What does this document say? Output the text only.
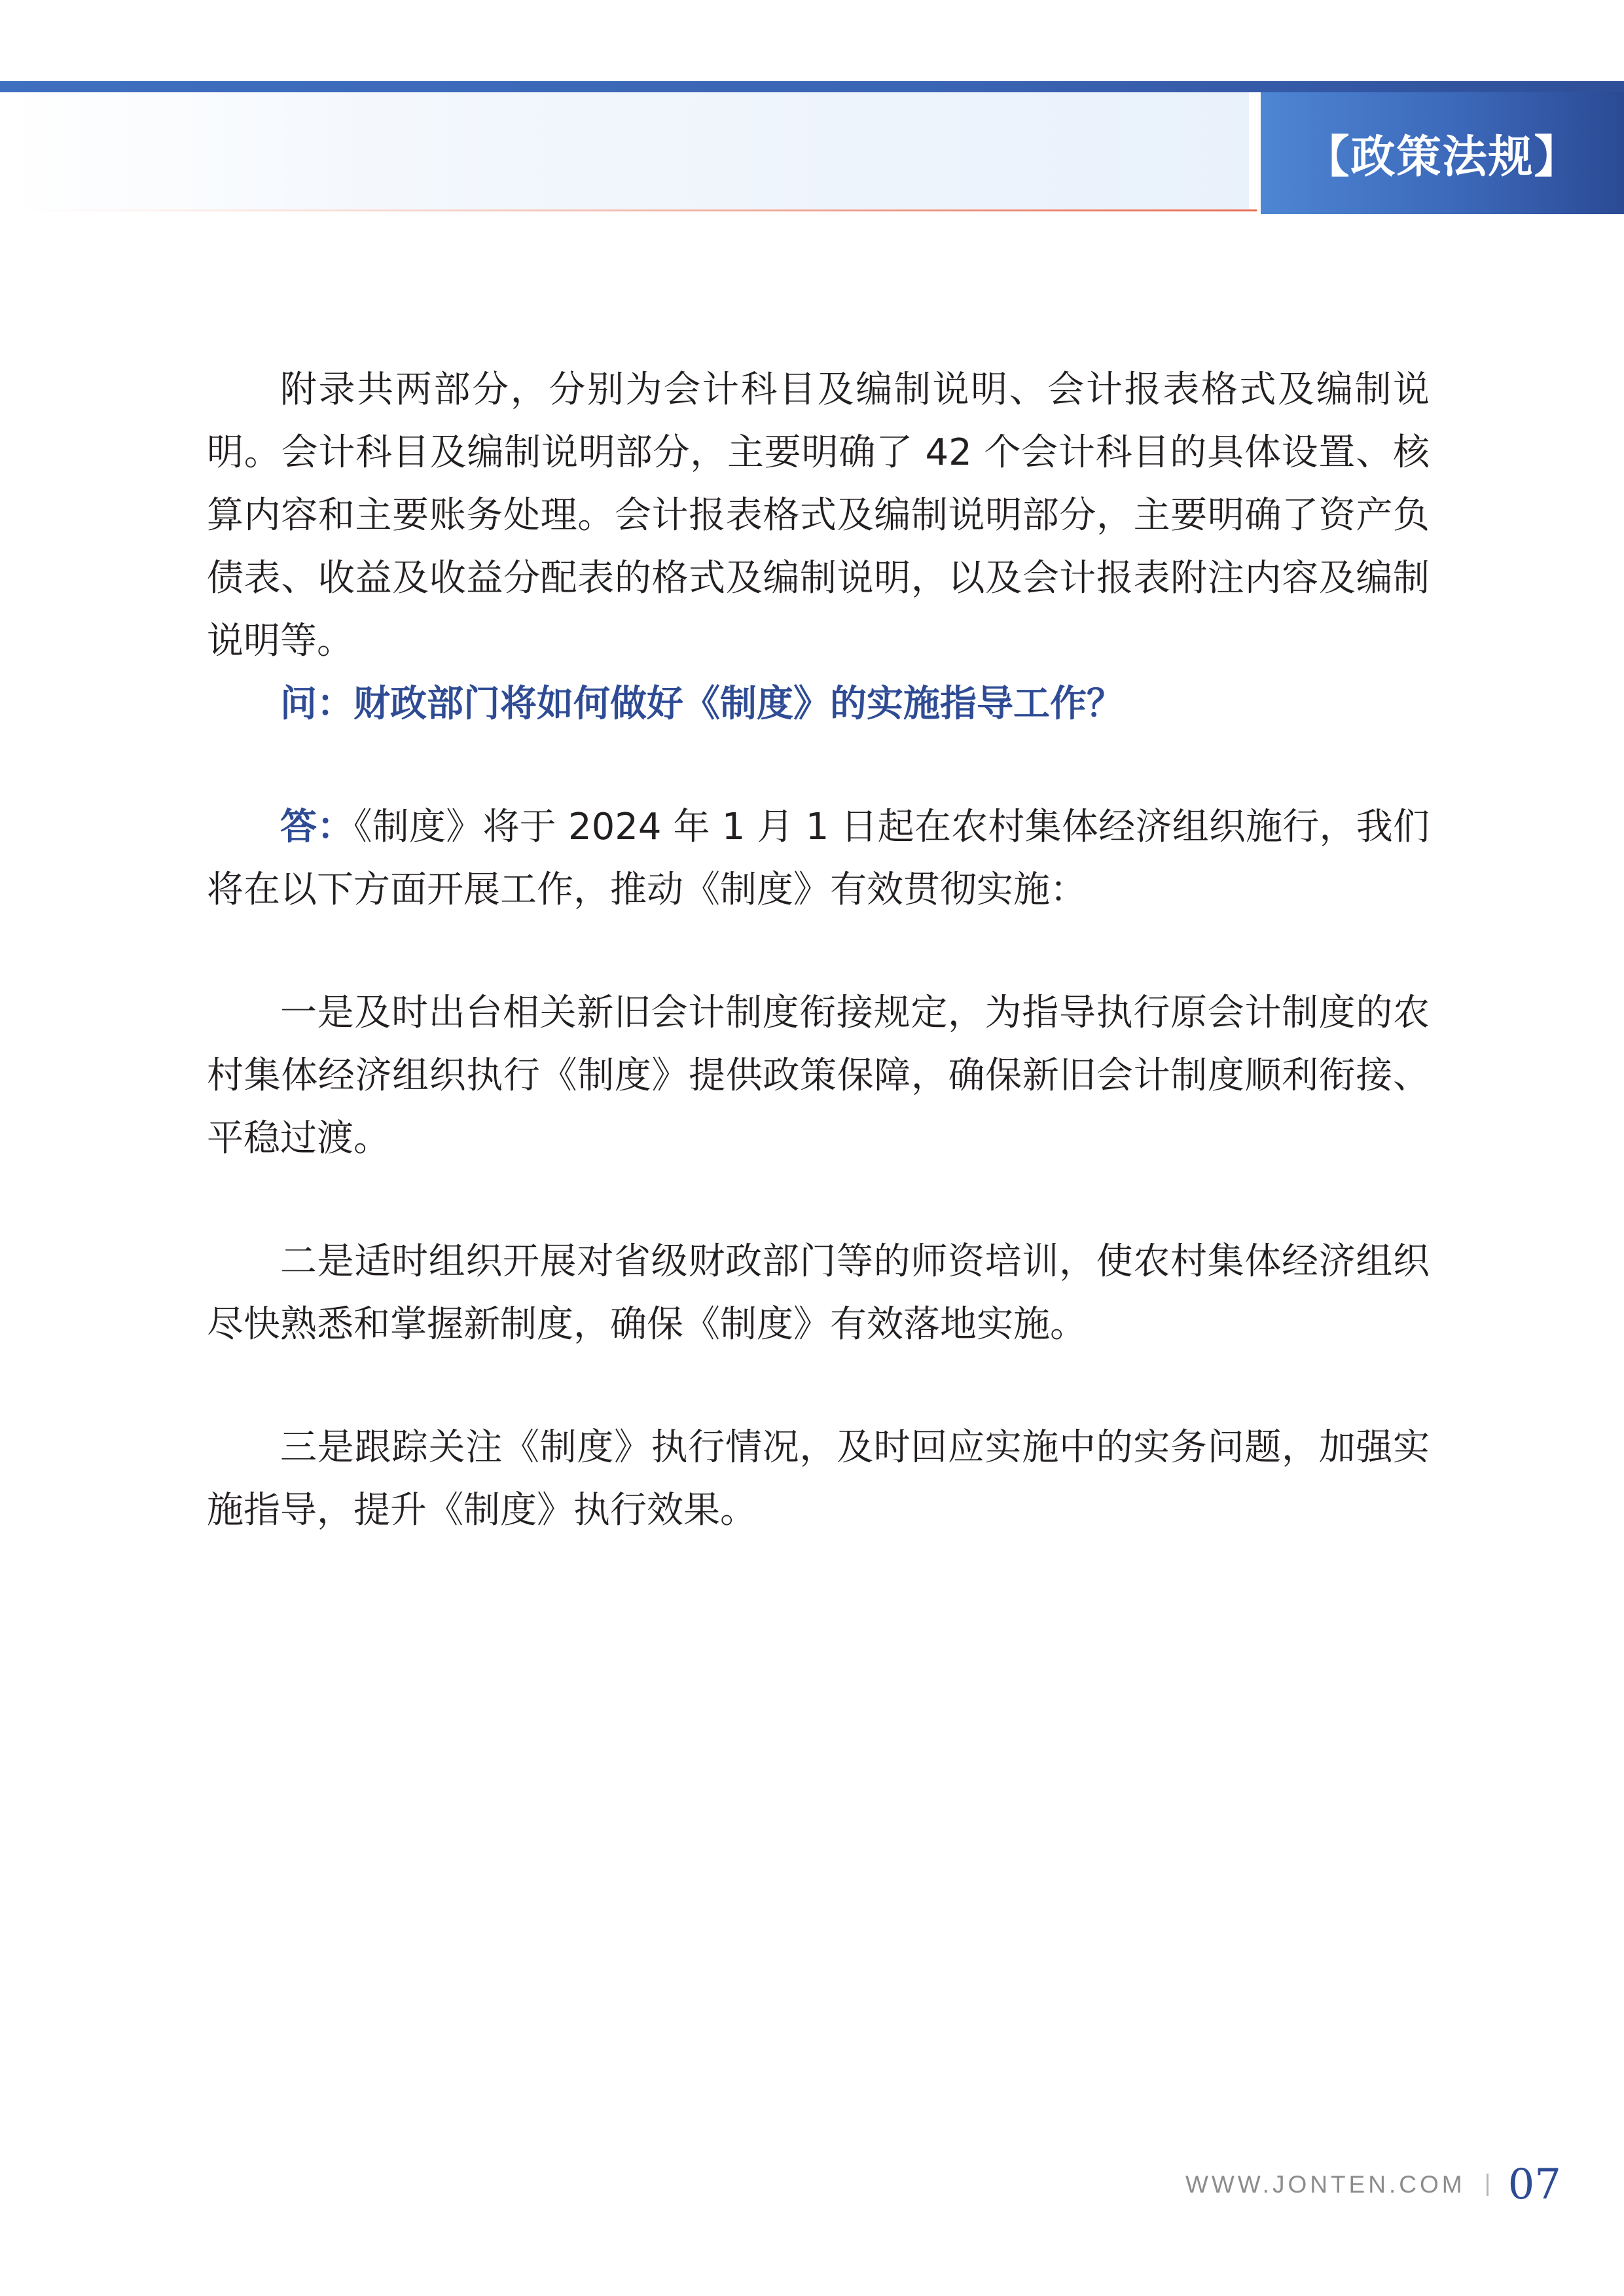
【政策法规】

附录共两部分，分别为会计科目及编制说明、会计报表格式及编制说明。会计科目及编制说明部分，主要明确了 42 个会计科目的具体设置、核算内容和主要账务处理。会计报表格式及编制说明部分，主要明确了资产负债表、收益及收益分配表的格式及编制说明，以及会计报表附注内容及编制说明等。

问：财政部门将如何做好《制度》的实施指导工作？

答：《制度》将于 2024 年 1 月 1 日起在农村集体经济组织施行，我们将在以下方面开展工作，推动《制度》有效贯彻实施：

一是及时出台相关新旧会计制度衔接规定，为指导执行原会计制度的农村集体经济组织执行《制度》提供政策保障，确保新旧会计制度顺利衔接、平稳过渡。

二是适时组织开展对省级财政部门等的师资培训，使农村集体经济组织尽快熟悉和掌握新制度，确保《制度》有效落地实施。

三是跟踪关注《制度》执行情况，及时回应实施中的实务问题，加强实施指导，提升《制度》执行效果。

WWW.JONTEN.COM 07
